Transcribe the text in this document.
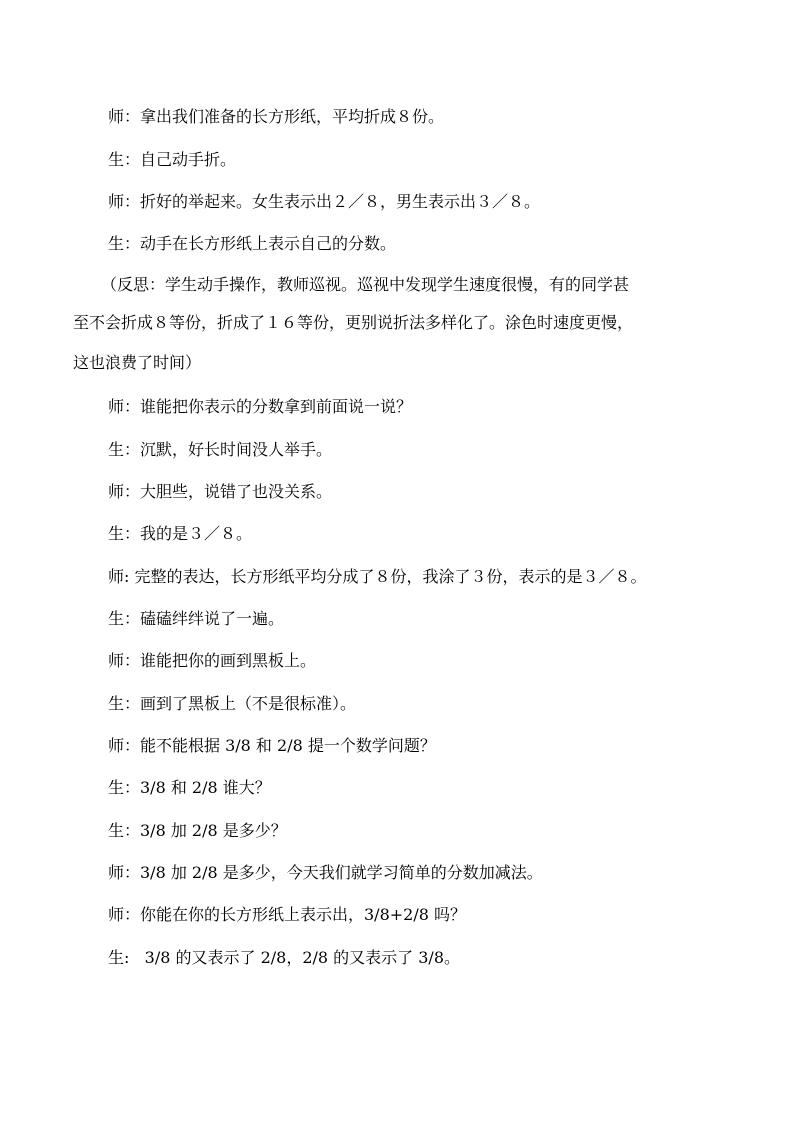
师：拿出我们准备的长方形纸，平均折成８份。
生：自己动手折。
师：折好的举起来。女生表示出２／８，男生表示出３／８。
生：动手在长方形纸上表示自己的分数。
（反思：学生动手操作，教师巡视。巡视中发现学生速度很慢，有的同学甚
至不会折成８等份，折成了１６等份，更别说折法多样化了。涂色时速度更慢，
这也浪费了时间）
师：谁能把你表示的分数拿到前面说一说？
生：沉默，好长时间没人举手。
师：大胆些，说错了也没关系。
生：我的是３／８。
师: 完整的表达，长方形纸平均分成了８份，我涂了３份，表示的是３／８。
生：磕磕绊绊说了一遍。
师：谁能把你的画到黑板上。
生：画到了黑板上（不是很标准）。
师：能不能根据 3/8 和 2/8 提一个数学问题？
生：3/8 和 2/8 谁大？
生：3/8 加 2/8 是多少？
师：3/8 加 2/8 是多少，今天我们就学习简单的分数加减法。
师：你能在你的长方形纸上表示出，3/8+2/8 吗？
生:   3/8 的又表示了 2/8，2/8 的又表示了 3/8。
